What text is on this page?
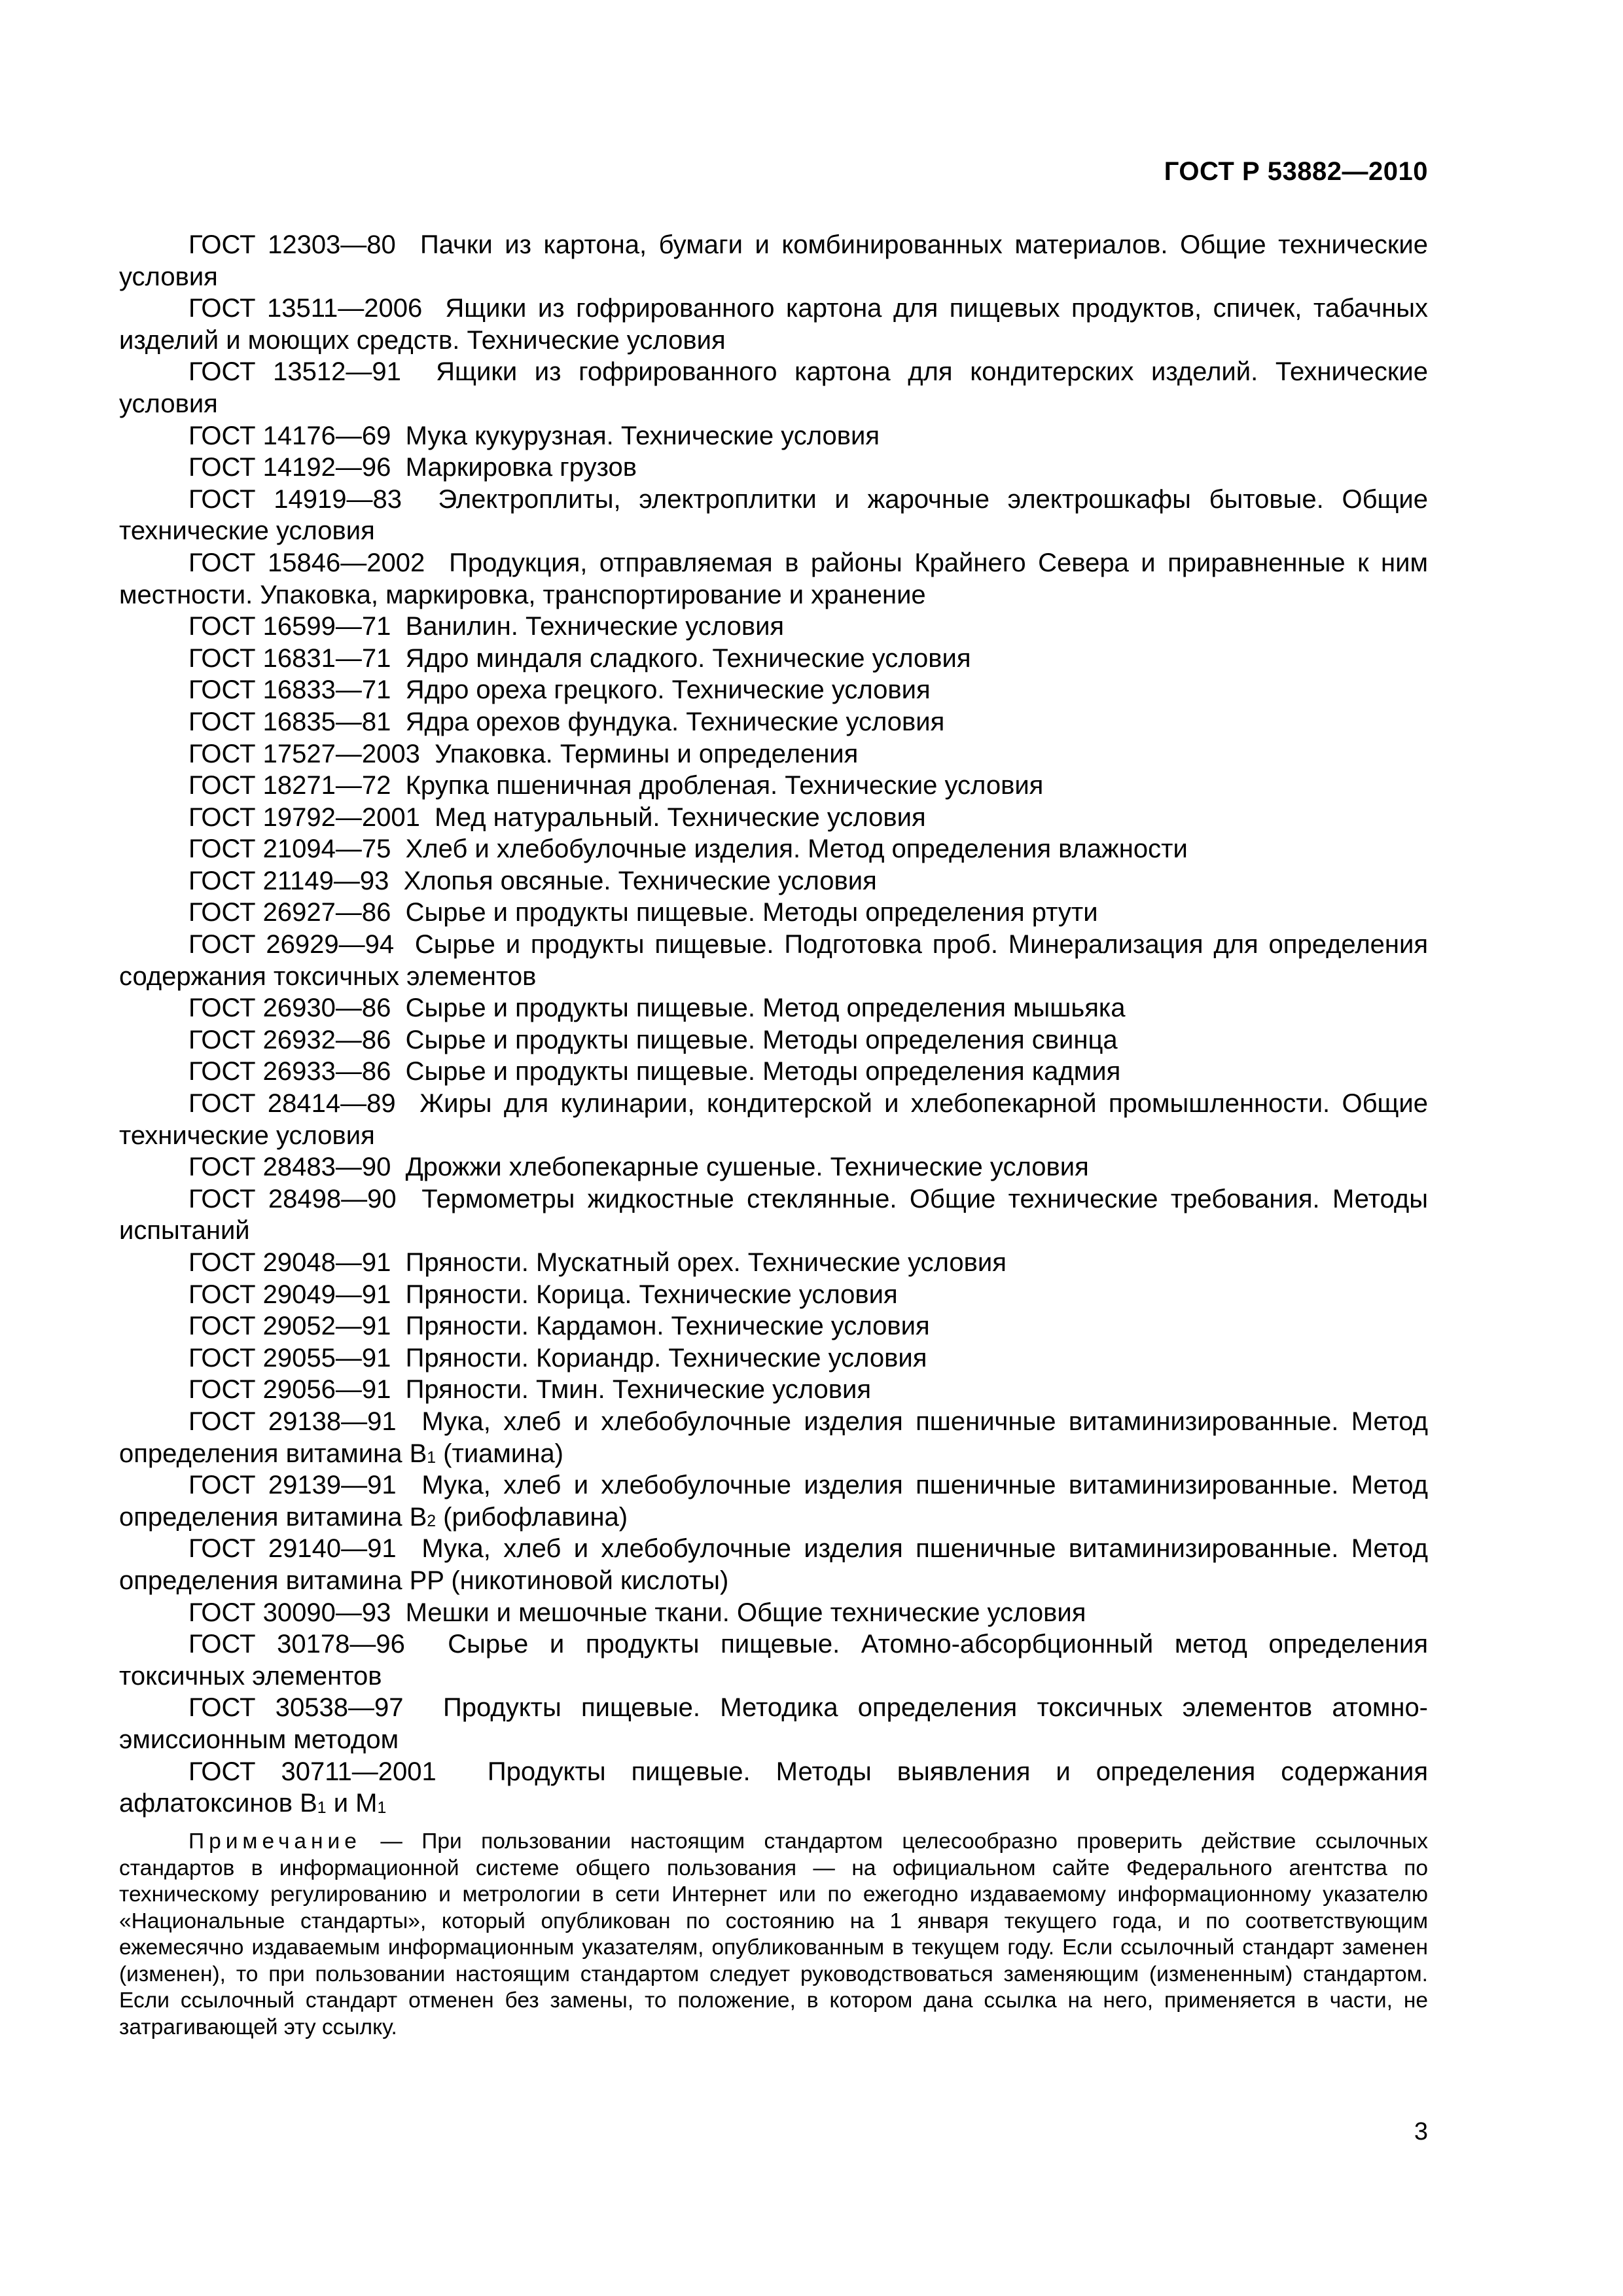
ГОСТ Р 53882—2010

ГОСТ 12303—80 Пачки из картона, бумаги и комбинированных материалов. Общие технические условия

ГОСТ 13511—2006 Ящики из гофрированного картона для пищевых продуктов, спичек, табачных изделий и моющих средств. Технические условия

ГОСТ 13512—91 Ящики из гофрированного картона для кондитерских изделий. Технические условия

ГОСТ 14176—69 Мука кукурузная. Технические условия

ГОСТ 14192—96 Маркировка грузов

ГОСТ 14919—83 Электроплиты, электроплитки и жарочные электрошкафы бытовые. Общие технические условия

ГОСТ 15846—2002 Продукция, отправляемая в районы Крайнего Севера и приравненные к ним местности. Упаковка, маркировка, транспортирование и хранение

ГОСТ 16599—71 Ванилин. Технические условия

ГОСТ 16831—71 Ядро миндаля сладкого. Технические условия

ГОСТ 16833—71 Ядро ореха грецкого. Технические условия

ГОСТ 16835—81 Ядра орехов фундука. Технические условия

ГОСТ 17527—2003 Упаковка. Термины и определения

ГОСТ 18271—72 Крупка пшеничная дробленая. Технические условия

ГОСТ 19792—2001 Мед натуральный. Технические условия

ГОСТ 21094—75 Хлеб и хлебобулочные изделия. Метод определения влажности

ГОСТ 21149—93 Хлопья овсяные. Технические условия

ГОСТ 26927—86 Сырье и продукты пищевые. Методы определения ртути

ГОСТ 26929—94 Сырье и продукты пищевые. Подготовка проб. Минерализация для определения содержания токсичных элементов

ГОСТ 26930—86 Сырье и продукты пищевые. Метод определения мышьяка

ГОСТ 26932—86 Сырье и продукты пищевые. Методы определения свинца

ГОСТ 26933—86 Сырье и продукты пищевые. Методы определения кадмия

ГОСТ 28414—89 Жиры для кулинарии, кондитерской и хлебопекарной промышленности. Общие технические условия

ГОСТ 28483—90 Дрожжи хлебопекарные сушеные. Технические условия

ГОСТ 28498—90 Термометры жидкостные стеклянные. Общие технические требования. Методы испытаний

ГОСТ 29048—91 Пряности. Мускатный орех. Технические условия

ГОСТ 29049—91 Пряности. Корица. Технические условия

ГОСТ 29052—91 Пряности. Кардамон. Технические условия

ГОСТ 29055—91 Пряности. Кориандр. Технические условия

ГОСТ 29056—91 Пряности. Тмин. Технические условия

ГОСТ 29138—91 Мука, хлеб и хлебобулочные изделия пшеничные витаминизированные. Метод определения витамина $B_1$ (тиамина)

ГОСТ 29139—91 Мука, хлеб и хлебобулочные изделия пшеничные витаминизированные. Метод определения витамина $B_2$ (рибофлавина)

ГОСТ 29140—91 Мука, хлеб и хлебобулочные изделия пшеничные витаминизированные. Метод определения витамина PP (никотиновой кислоты)

ГОСТ 30090—93 Мешки и мешочные ткани. Общие технические условия

ГОСТ 30178—96 Сырье и продукты пищевые. Атомно-абсорбционный метод определения токсичных элементов

ГОСТ 30538—97 Продукты пищевые. Методика определения токсичных элементов атомно-эмиссионным методом

ГОСТ 30711—2001 Продукты пищевые. Методы выявления и определения содержания афлатоксинов $B_1$ и $M_1$

Примечание — При пользовании настоящим стандартом целесообразно проверить действие ссылочных стандартов в информационной системе общего пользования — на официальном сайте Федерального агентства по техническому регулированию и метрологии в сети Интернет или по ежегодно издаваемому информационному указателю «Национальные стандарты», который опубликован по состоянию на 1 января текущего года, и по соответствующим ежемесячно издаваемым информационным указателям, опубликованным в текущем году. Если ссылочный стандарт заменен (изменен), то при пользовании настоящим стандартом следует руководствоваться заменяющим (измененным) стандартом. Если ссылочный стандарт отменен без замены, то положение, в котором дана ссылка на него, применяется в части, не затрагивающей эту ссылку.

3
